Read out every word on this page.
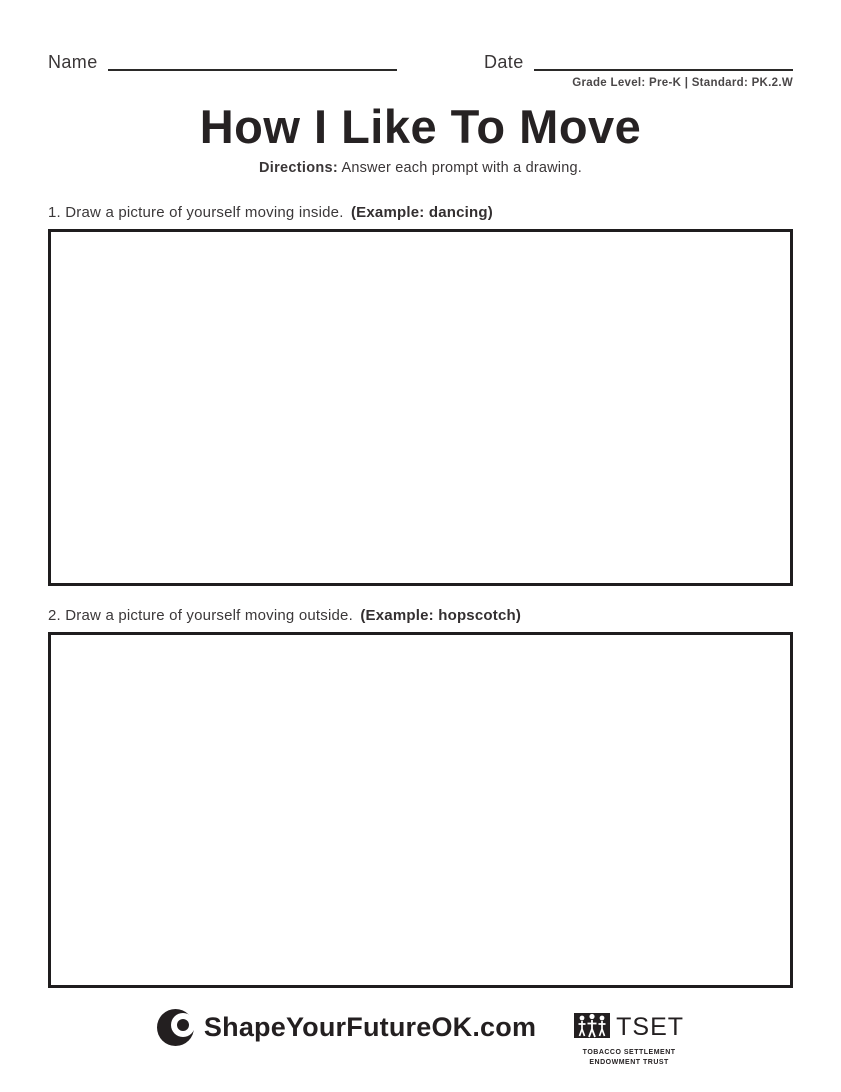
Name	Date
Grade Level: Pre-K | Standard: PK.2.W
How I Like To Move

Directions: Answer each prompt with a drawing.

1. Draw a picture of yourself moving inside. (Example: dancing)

2. Draw a picture of yourself moving outside. (Example: hopscotch)

ShapeYourFutureOK.com	TSET
TOBACCO SETTLEMENT
ENDOWMENT TRUST
